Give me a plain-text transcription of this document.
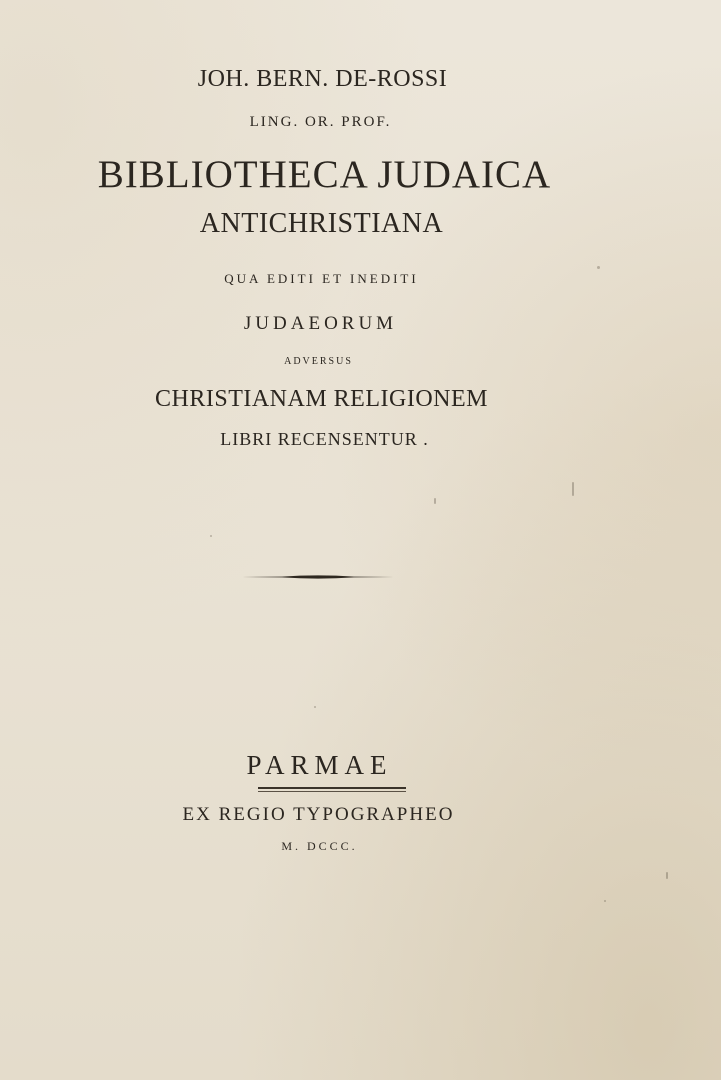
JOH. BERN. DE-ROSSI
LING. OR. PROF.
BIBLIOTHECA JUDAICA
ANTICHRISTIANA
QUA EDITI ET INEDITI
JUDAEORUM
ADVERSUS
CHRISTIANAM RELIGIONEM
LIBRI RECENSENTUR .
PARMAE
EX REGIO TYPOGRAPHEO
M. DCCC.
